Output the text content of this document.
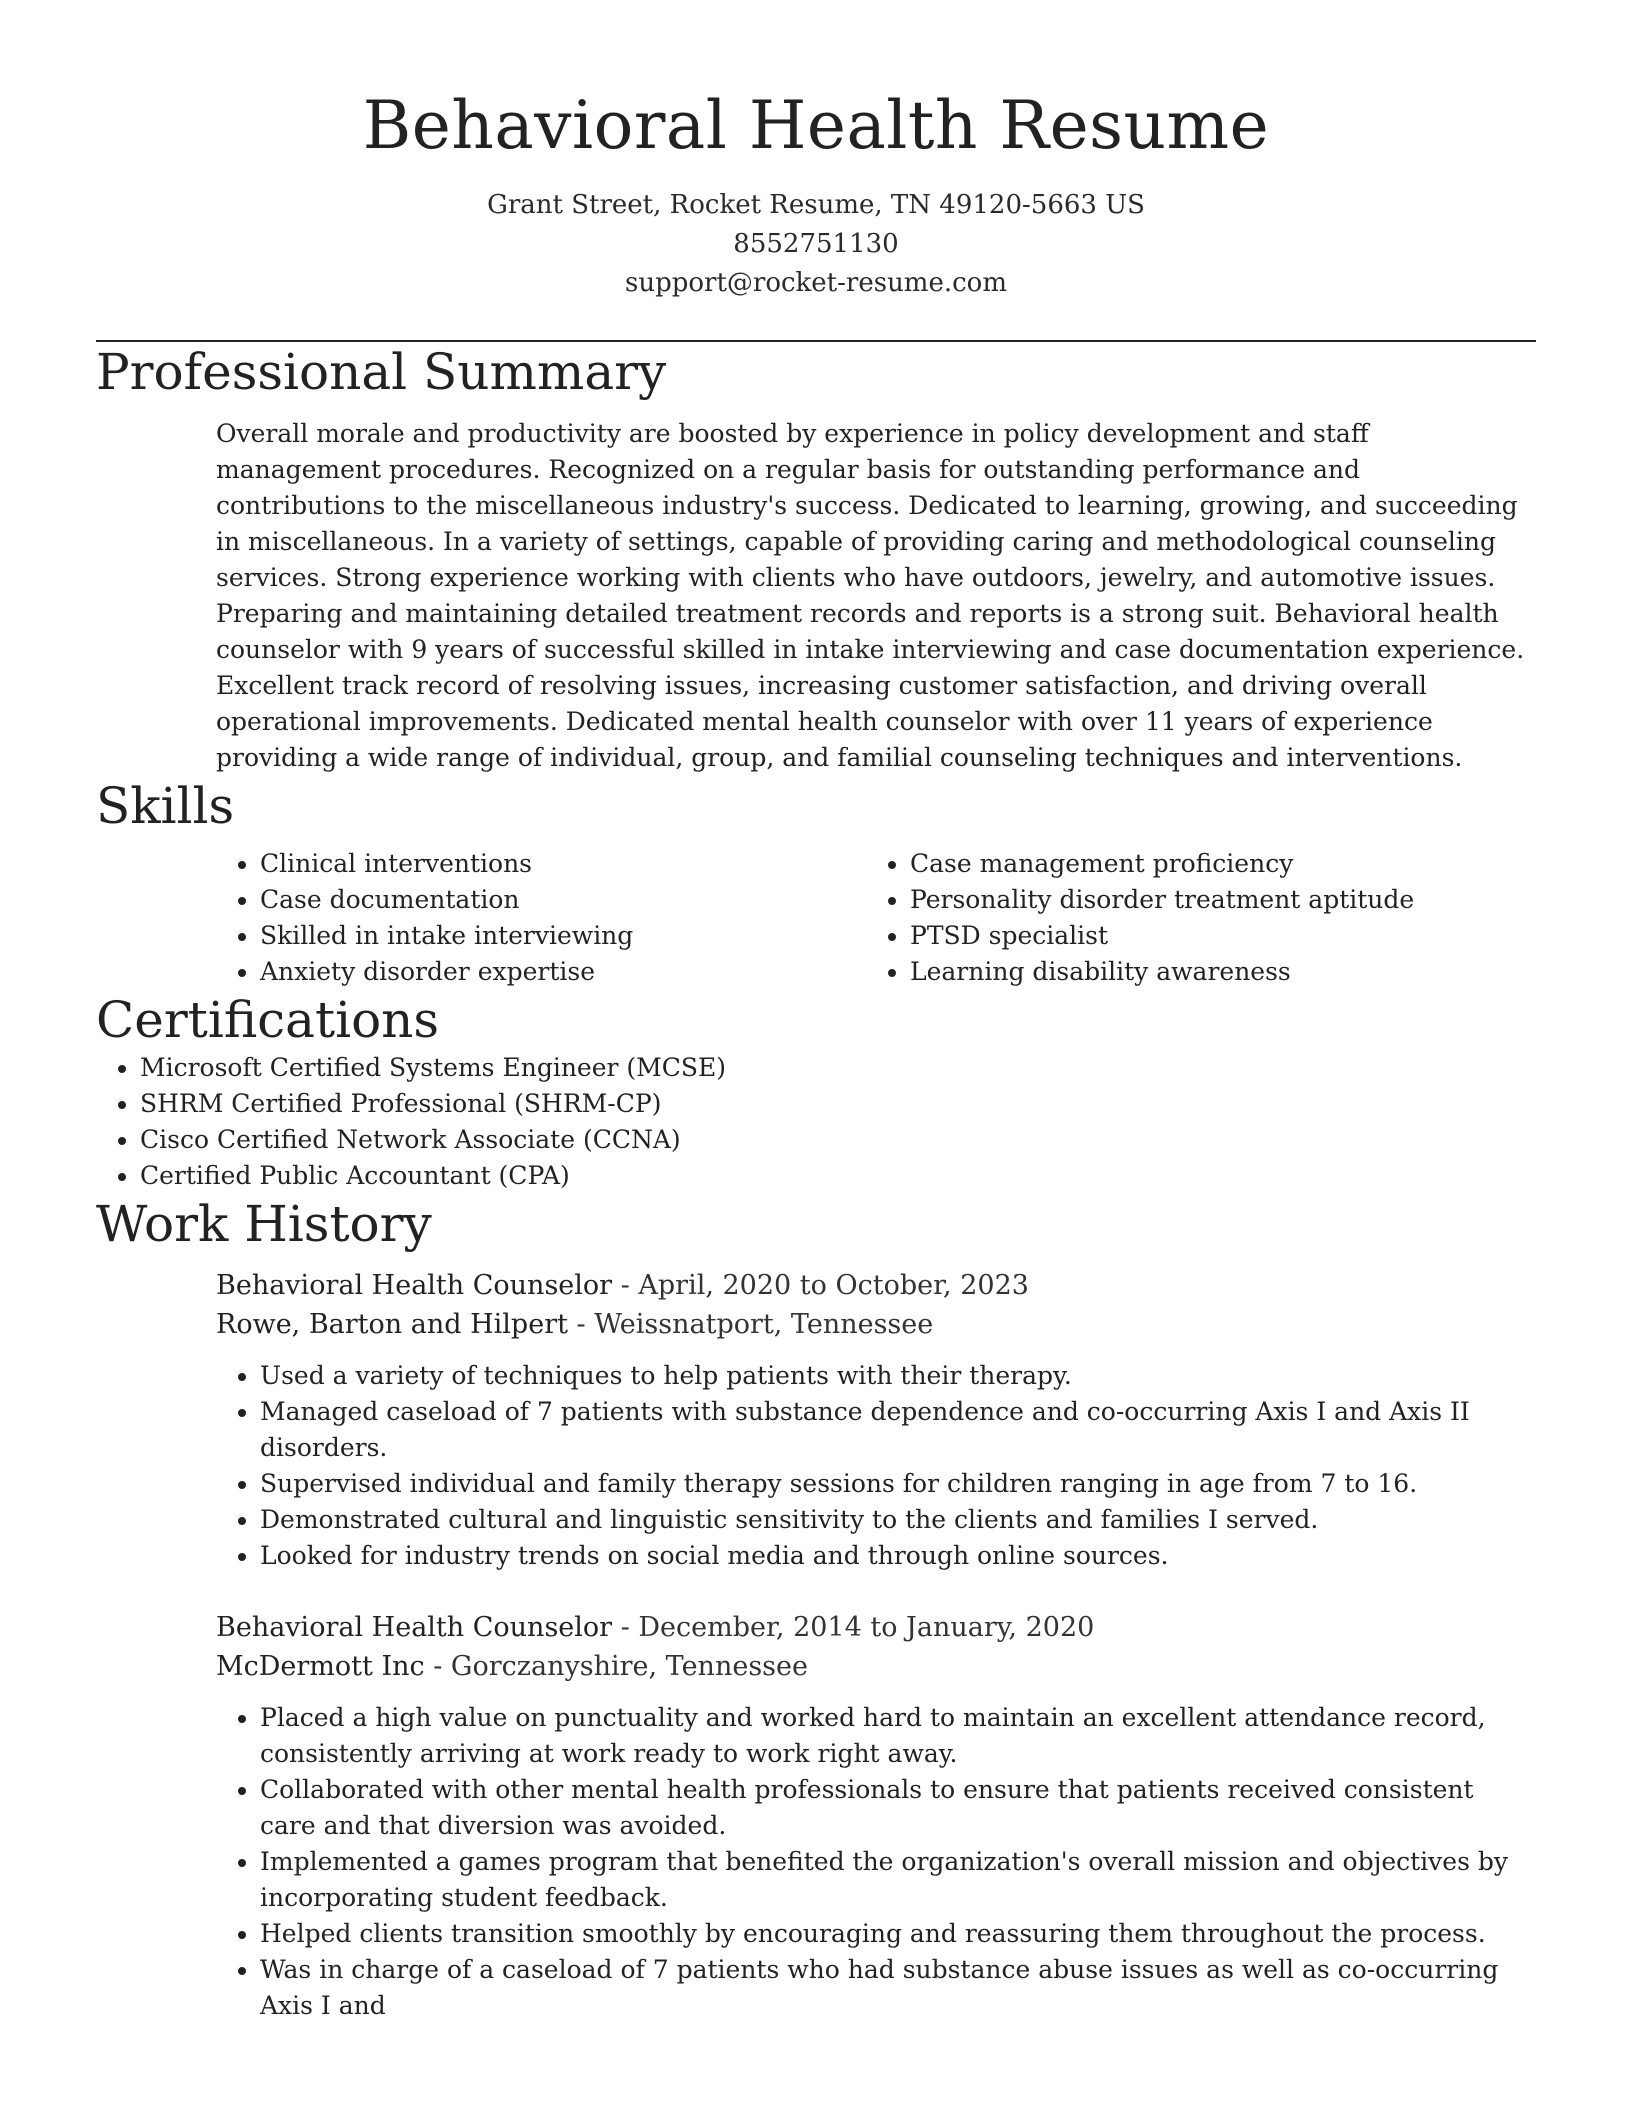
Behavioral Health Resume
Grant Street, Rocket Resume, TN 49120-5663 US
8552751130
support@rocket-resume.com
Professional Summary

Overall morale and productivity are boosted by experience in policy development and staff management procedures. Recognized on a regular basis for outstanding performance and contributions to the miscellaneous industry's success. Dedicated to learning, growing, and succeeding in miscellaneous. In a variety of settings, capable of providing caring and methodological counseling services. Strong experience working with clients who have outdoors, jewelry, and automotive issues. Preparing and maintaining detailed treatment records and reports is a strong suit. Behavioral health counselor with 9 years of successful skilled in intake interviewing and case documentation experience. Excellent track record of resolving issues, increasing customer satisfaction, and driving overall operational improvements. Dedicated mental health counselor with over 11 years of experience providing a wide range of individual, group, and familial counseling techniques and interventions.

Skills
• Clinical interventions
• Case documentation
• Skilled in intake interviewing
• Anxiety disorder expertise
• Case management proficiency
• Personality disorder treatment aptitude
• PTSD specialist
• Learning disability awareness
Certifications
• Microsoft Certified Systems Engineer (MCSE)
• SHRM Certified Professional (SHRM-CP)
• Cisco Certified Network Associate (CCNA)
• Certified Public Accountant (CPA)
Work History
Behavioral Health Counselor - April, 2020 to October, 2023
Rowe, Barton and Hilpert - Weissnatport, Tennessee
• Used a variety of techniques to help patients with their therapy.
• Managed caseload of 7 patients with substance dependence and co-occurring Axis I and Axis II disorders.
• Supervised individual and family therapy sessions for children ranging in age from 7 to 16.
• Demonstrated cultural and linguistic sensitivity to the clients and families I served.
• Looked for industry trends on social media and through online sources.
Behavioral Health Counselor - December, 2014 to January, 2020
McDermott Inc - Gorczanyshire, Tennessee
• Placed a high value on punctuality and worked hard to maintain an excellent attendance record, consistently arriving at work ready to work right away.
• Collaborated with other mental health professionals to ensure that patients received consistent care and that diversion was avoided.
• Implemented a games program that benefited the organization's overall mission and objectives by incorporating student feedback.
• Helped clients transition smoothly by encouraging and reassuring them throughout the process.
• Was in charge of a caseload of 7 patients who had substance abuse issues as well as co-occurring Axis I and
